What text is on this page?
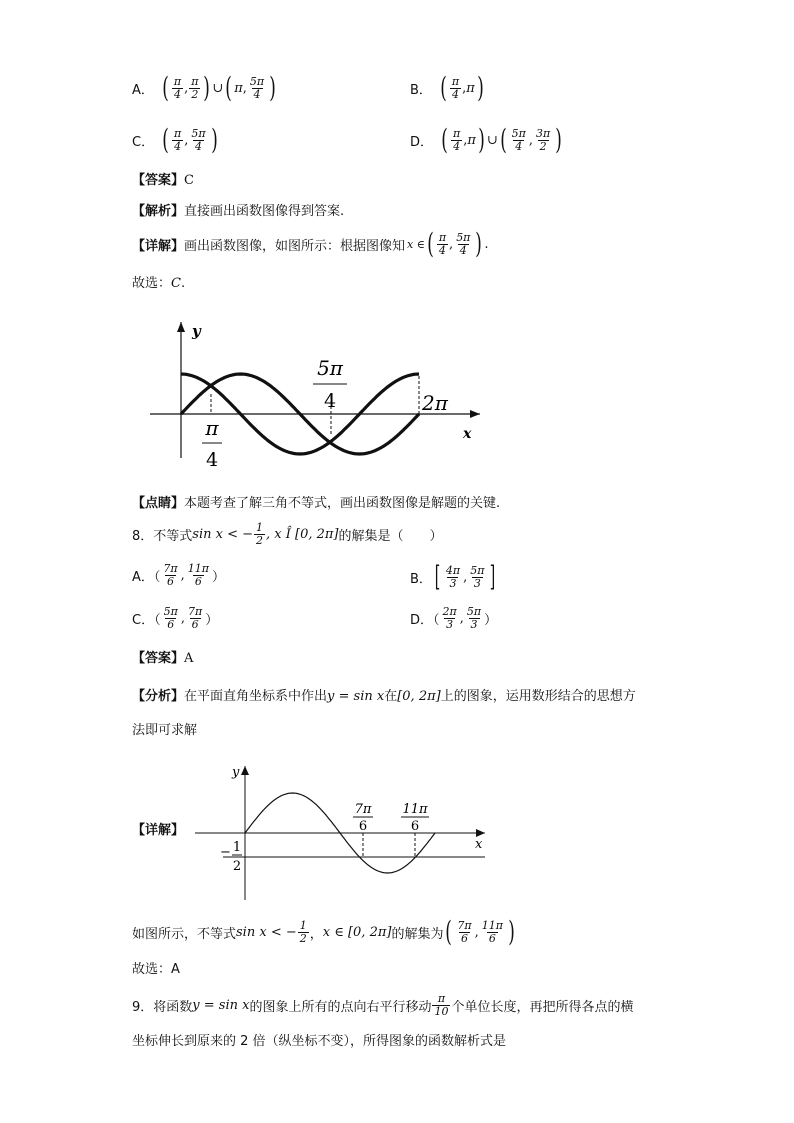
A． ( $\frac{\pi}{4}$ , $\frac{\pi}{2}$ ) ∪ ( π , $\frac{5\pi}{4}$ )	B． ( $\frac{\pi}{4}$ , π )
C． ( $\frac{\pi}{4}$ , $\frac{5\pi}{4}$ )	D． ( $\frac{\pi}{4}$ , π ) ∪ ( $\frac{5\pi}{4}$ , $\frac{3\pi}{2}$ )
【答案】C
【解析】直接画出函数图像得到答案.
【详解】 画出函数图像，如图所示：根据图像知 x ∈ ( $\frac{\pi}{4}$ , $\frac{5\pi}{4}$ ) .
故选：C.
y
x
π
4
5π
4	2π
【点睛】本题考查了解三角不等式，画出函数图像是解题的关键.
8．不等式 sin x < − $\frac{1}{2}$ , x Î [0, 2π] 的解集是（　　）
A．（ $\frac{7\pi}{6}$ , $\frac{11\pi}{6}$ ）	B． [ $\frac{4\pi}{3}$ , $\frac{5\pi}{3}$ ]
C．（ $\frac{5\pi}{6}$ , $\frac{7\pi}{6}$ ）	D．（ $\frac{2\pi}{3}$ , $\frac{5\pi}{3}$ ）
【答案】A
【分析】在平面直角坐标系中作出y = sin x在[0, 2π]上的图象，运用数形结合的思想方
法即可求解
【详解】
y
x
− 1
2
7π
6
11π
6
如图所示，不等式 sin x < − $\frac{1}{2}$ ， x ∈ [0, 2π] 的解集为 ( $\frac{7\pi}{6}$ , $\frac{11\pi}{6}$ )
故选：A
9．将函数 y = sin x 的图象上所有的点向右平行移动 $\frac{\pi}{10}$ 个单位长度，再把所得各点的横
坐标伸长到原来的 2 倍（纵坐标不变），所得图象的函数解析式是
